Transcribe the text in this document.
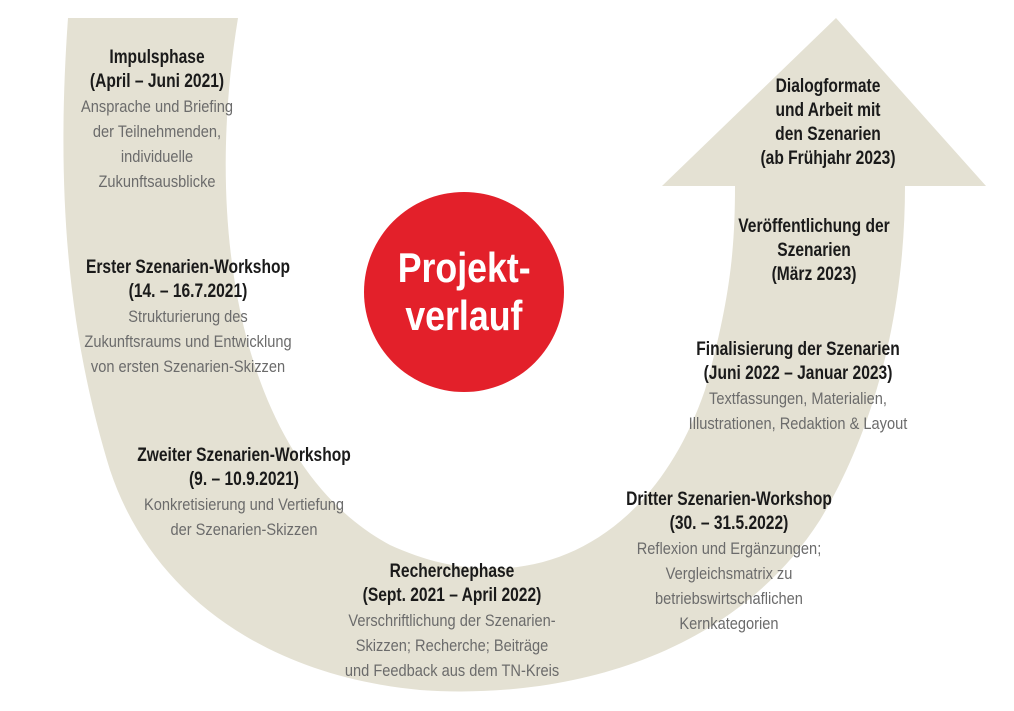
Projekt-
verlauf
Impulsphase
(April – Juni 2021)
Ansprache und Briefing
der Teilnehmenden,
individuelle
Zukunftsausblicke
Erster Szenarien-Workshop
(14. – 16.7.2021)
Strukturierung des
Zukunftsraums und Entwicklung
von ersten Szenarien-Skizzen
Zweiter Szenarien-Workshop
(9. – 10.9.2021)
Konkretisierung und Vertiefung
der Szenarien-Skizzen
Recherchephase
(Sept. 2021 – April 2022)
Verschriftlichung der Szenarien-
Skizzen; Recherche; Beiträge
und Feedback aus dem TN-Kreis
Dritter Szenarien-Workshop
(30. – 31.5.2022)
Reflexion und Ergänzungen;
Vergleichsmatrix zu
betriebswirtschaflichen
Kernkategorien
Finalisierung der Szenarien
(Juni 2022 – Januar 2023)
Textfassungen, Materialien,
Illustrationen, Redaktion & Layout
Veröffentlichung der
Szenarien
(März 2023)
Dialogformate
und Arbeit mit
den Szenarien
(ab Frühjahr 2023)
